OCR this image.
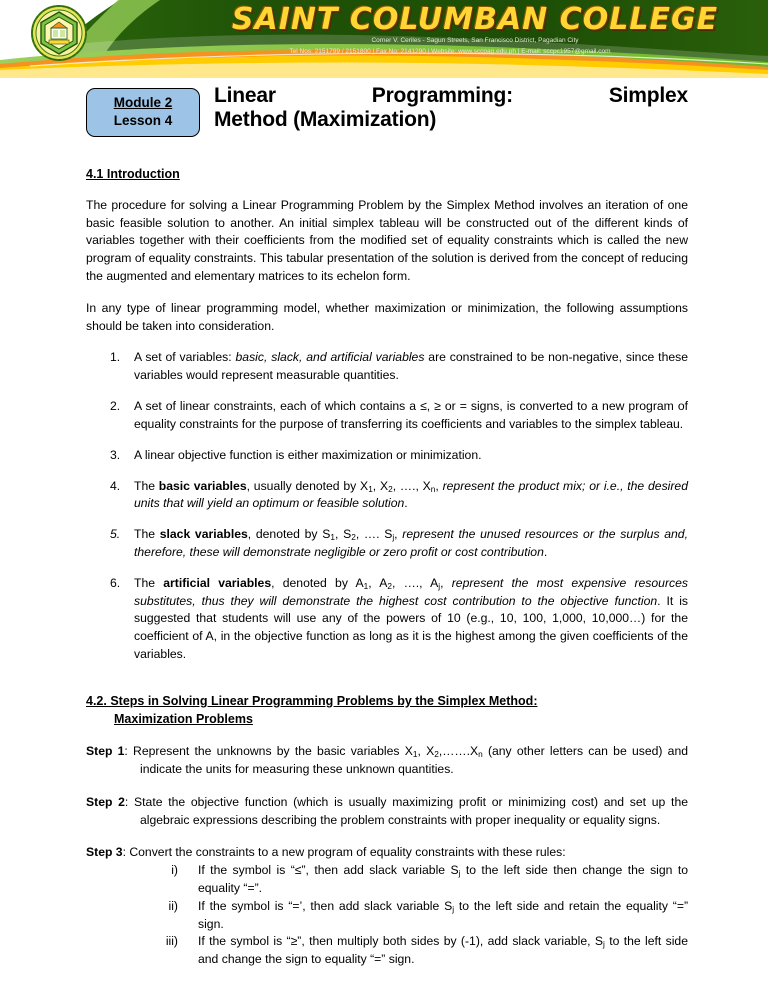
SAINT COLUMBAN COLLEGE
Corner V. Ceriles - Sagun Streets, San Francisco District, Pagadian City
Tel Nos: 2151799 / 2151800 | Fax No: 2141290 | Website: www.sccpag.edu.ph | E-mail: sccpc1957@gmail.com
Module 2
Lesson 4
Linear Programming: Simplex
Method (Maximization)
4.1 Introduction

The procedure for solving a Linear Programming Problem by the Simplex Method involves an iteration of one basic feasible solution to another. An initial simplex tableau will be constructed out of the different kinds of variables together with their coefficients from the modified set of equality constraints which is called the new program of equality constraints. This tabular presentation of the solution is derived from the concept of reducing the augmented and elementary matrices to its echelon form.

In any type of linear programming model, whether maximization or minimization, the following assumptions should be taken into consideration.

1.	A set of variables: basic, slack, and artificial variables are constrained to be non-negative, since these variables would represent measurable quantities.
2.	A set of linear constraints, each of which contains a ≤, ≥ or = signs, is converted to a new program of equality constraints for the purpose of transferring its coefficients and variables to the simplex tableau.
3.	A linear objective function is either maximization or minimization.
4.	The basic variables, usually denoted by $X_1$, $X_2$, …., $X_n$, represent the product mix; or i.e., the desired units that will yield an optimum or feasible solution.
5.	The slack variables, denoted by $S_1$, $S_2$, …. $S_j$, represent the unused resources or the surplus and, therefore, these will demonstrate negligible or zero profit or cost contribution.
6.	The artificial variables, denoted by $A_1$, $A_2$, …., $A_j$, represent the most expensive resources substitutes, thus they will demonstrate the highest cost contribution to the objective function. It is suggested that students will use any of the powers of 10 (e.g., 10, 100, 1,000, 10,000…) for the coefficient of A, in the objective function as long as it is the highest among the given coefficients of the variables.
4.2. Steps in Solving Linear Programming Problems by the Simplex Method:
Maximization Problems
Step 1: Represent the unknowns by the basic variables $X_1$, $X_2,\dots\dots.X_n$ (any other letters can be used) and indicate the units for measuring these unknown quantities.
Step 2: State the objective function (which is usually maximizing profit or minimizing cost) and set up the algebraic expressions describing the problem constraints with proper inequality or equality signs.
Step 3: Convert the constraints to a new program of equality constraints with these rules:
i) If the symbol is “≤”, then add slack variable $S_j$ to the left side then change the sign to equality “=”.
ii) If the symbol is “=’, then add slack variable $S_j$ to the left side and retain the equality “=” sign.
iii) If the symbol is “≥”, then multiply both sides by (-1), add slack variable, $S_j$ to the left side and change the sign to equality “=” sign.
